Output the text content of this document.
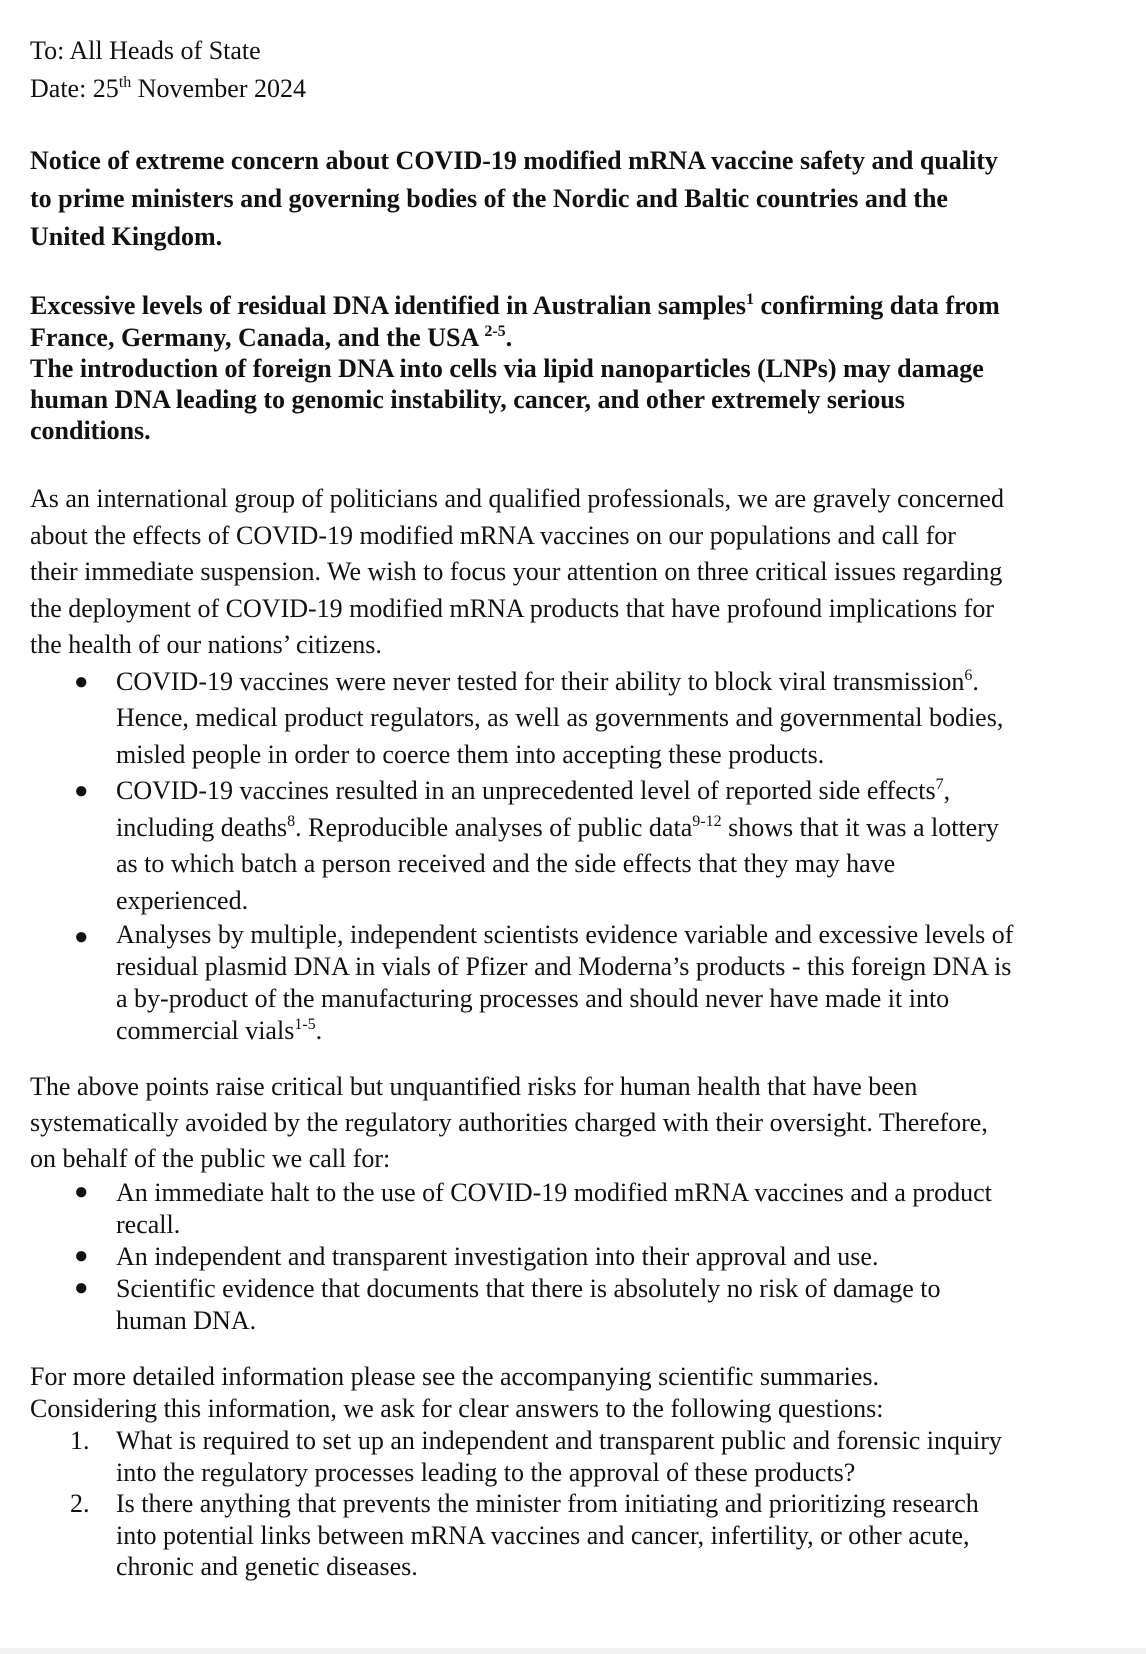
To: All Heads of State

Date: 25th November 2024

Notice of extreme concern about COVID-19 modified mRNA vaccine safety and quality
to prime ministers and governing bodies of the Nordic and Baltic countries and the
United Kingdom.
Excessive levels of residual DNA identified in Australian samples$^1$ confirming data from
France, Germany, Canada, and the USA $^{2-5}$.
The introduction of foreign DNA into cells via lipid nanoparticles (LNPs) may damage
human DNA leading to genomic instability, cancer, and other extremely serious
conditions.
As an international group of politicians and qualified professionals, we are gravely concerned
about the effects of COVID-19 modified mRNA vaccines on our populations and call for
their immediate suspension. We wish to focus your attention on three critical issues regarding
the deployment of COVID-19 modified mRNA products that have profound implications for
the health of our nations’ citizens.
● COVID-19 vaccines were never tested for their ability to block viral transmission$^6$.
Hence, medical product regulators, as well as governments and governmental bodies,
misled people in order to coerce them into accepting these products.
● COVID-19 vaccines resulted in an unprecedented level of reported side effects$^7$,
including deaths$^8$. Reproducible analyses of public data$^{9-12}$ shows that it was a lottery
as to which batch a person received and the side effects that they may have
experienced.
● Analyses by multiple, independent scientists evidence variable and excessive levels of
residual plasmid DNA in vials of Pfizer and Moderna’s products - this foreign DNA is
a by-product of the manufacturing processes and should never have made it into
commercial vials$^{1-5}$.
The above points raise critical but unquantified risks for human health that have been
systematically avoided by the regulatory authorities charged with their oversight. Therefore,
on behalf of the public we call for:
● An immediate halt to the use of COVID-19 modified mRNA vaccines and a product
recall.
● An independent and transparent investigation into their approval and use.
● Scientific evidence that documents that there is absolutely no risk of damage to
human DNA.
For more detailed information please see the accompanying scientific summaries.
Considering this information, we ask for clear answers to the following questions:
1. What is required to set up an independent and transparent public and forensic inquiry
into the regulatory processes leading to the approval of these products?
2. Is there anything that prevents the minister from initiating and prioritizing research
into potential links between mRNA vaccines and cancer, infertility, or other acute,
chronic and genetic diseases.
